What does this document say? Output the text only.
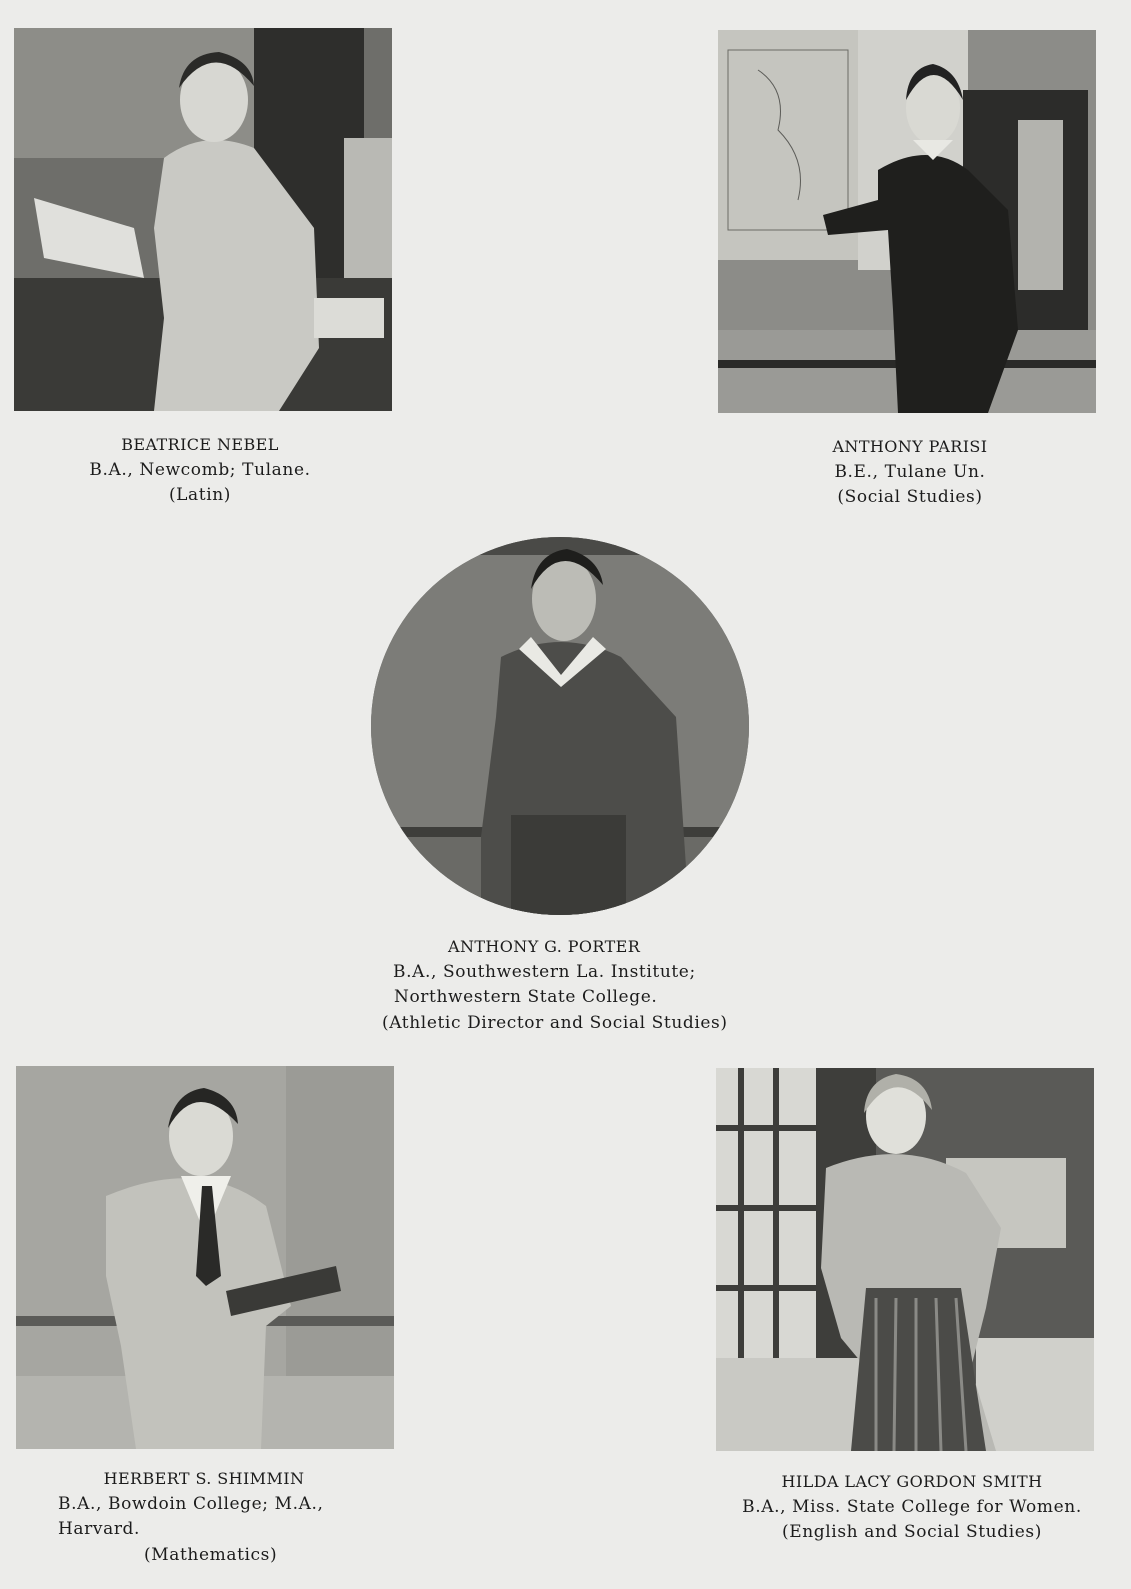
BEATRICE NEBEL
B.A., Newcomb; Tulane.
(Latin)
ANTHONY PARISI
B.E., Tulane Un.
(Social Studies)
ANTHONY G. PORTER
B.A., Southwestern La. Institute;
Northwestern State College.
(Athletic Director and Social Studies)
HERBERT S. SHIMMIN
B.A., Bowdoin College; M.A.,
Harvard.
(Mathematics)
HILDA LACY GORDON SMITH
B.A., Miss. State College for Women.
(English and Social Studies)
